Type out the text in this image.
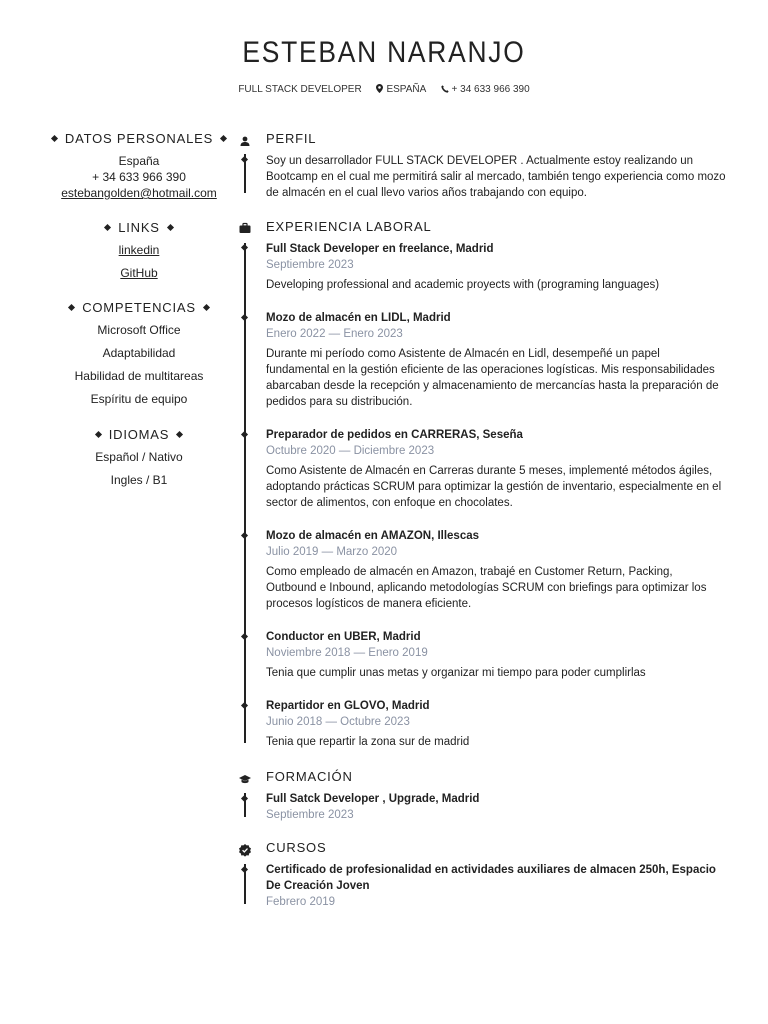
ESTEBAN NARANJO
FULL STACK DEVELOPER ESPAÑA	+ 34 633 966 390
DATOS PERSONALES
España
+ 34 633 966 390
estebangolden@hotmail.com
LINKS
linkedin
GitHub
COMPETENCIAS
Microsoft Office
Adaptabilidad
Habilidad de multitareas
Espíritu de equipo
IDIOMAS
Español / Nativo
Ingles / B1
PERFIL
Soy un desarrollador FULL STACK DEVELOPER . Actualmente estoy realizando un Bootcamp en el cual me permitirá salir al mercado, también tengo experiencia como mozo de almacén en el cual llevo varios años trabajando con equipo.
EXPERIENCIA LABORAL
Full Stack Developer en freelance, Madrid
Septiembre 2023
Developing professional and academic proyects with (programing languages)
Mozo de almacén en LIDL, Madrid
Enero 2022 — Enero 2023
Durante mi período como Asistente de Almacén en Lidl, desempeñé un papel fundamental en la gestión eficiente de las operaciones logísticas. Mis responsabilidades abarcaban desde la recepción y almacenamiento de mercancías hasta la preparación de pedidos para su distribución.
Preparador de pedidos en CARRERAS, Seseña
Octubre 2020 — Diciembre 2023
Como Asistente de Almacén en Carreras durante 5 meses, implementé métodos ágiles, adoptando prácticas SCRUM para optimizar la gestión de inventario, especialmente en el sector de alimentos, con enfoque en chocolates.
Mozo de almacén en AMAZON, Illescas
Julio 2019 — Marzo 2020
Como empleado de almacén en Amazon, trabajé en Customer Return, Packing, Outbound e Inbound, aplicando metodologías SCRUM con briefings para optimizar los procesos logísticos de manera eficiente.
Conductor en UBER, Madrid
Noviembre 2018 — Enero 2019
Tenia que cumplir unas metas y organizar mi tiempo para poder cumplirlas
Repartidor en GLOVO, Madrid
Junio 2018 — Octubre 2023
Tenia que repartir la zona sur de madrid
FORMACIÓN
Full Satck Developer , Upgrade, Madrid
Septiembre 2023
CURSOS
Certificado de profesionalidad en actividades auxiliares de almacen 250h, Espacio De Creación Joven
Febrero 2019
